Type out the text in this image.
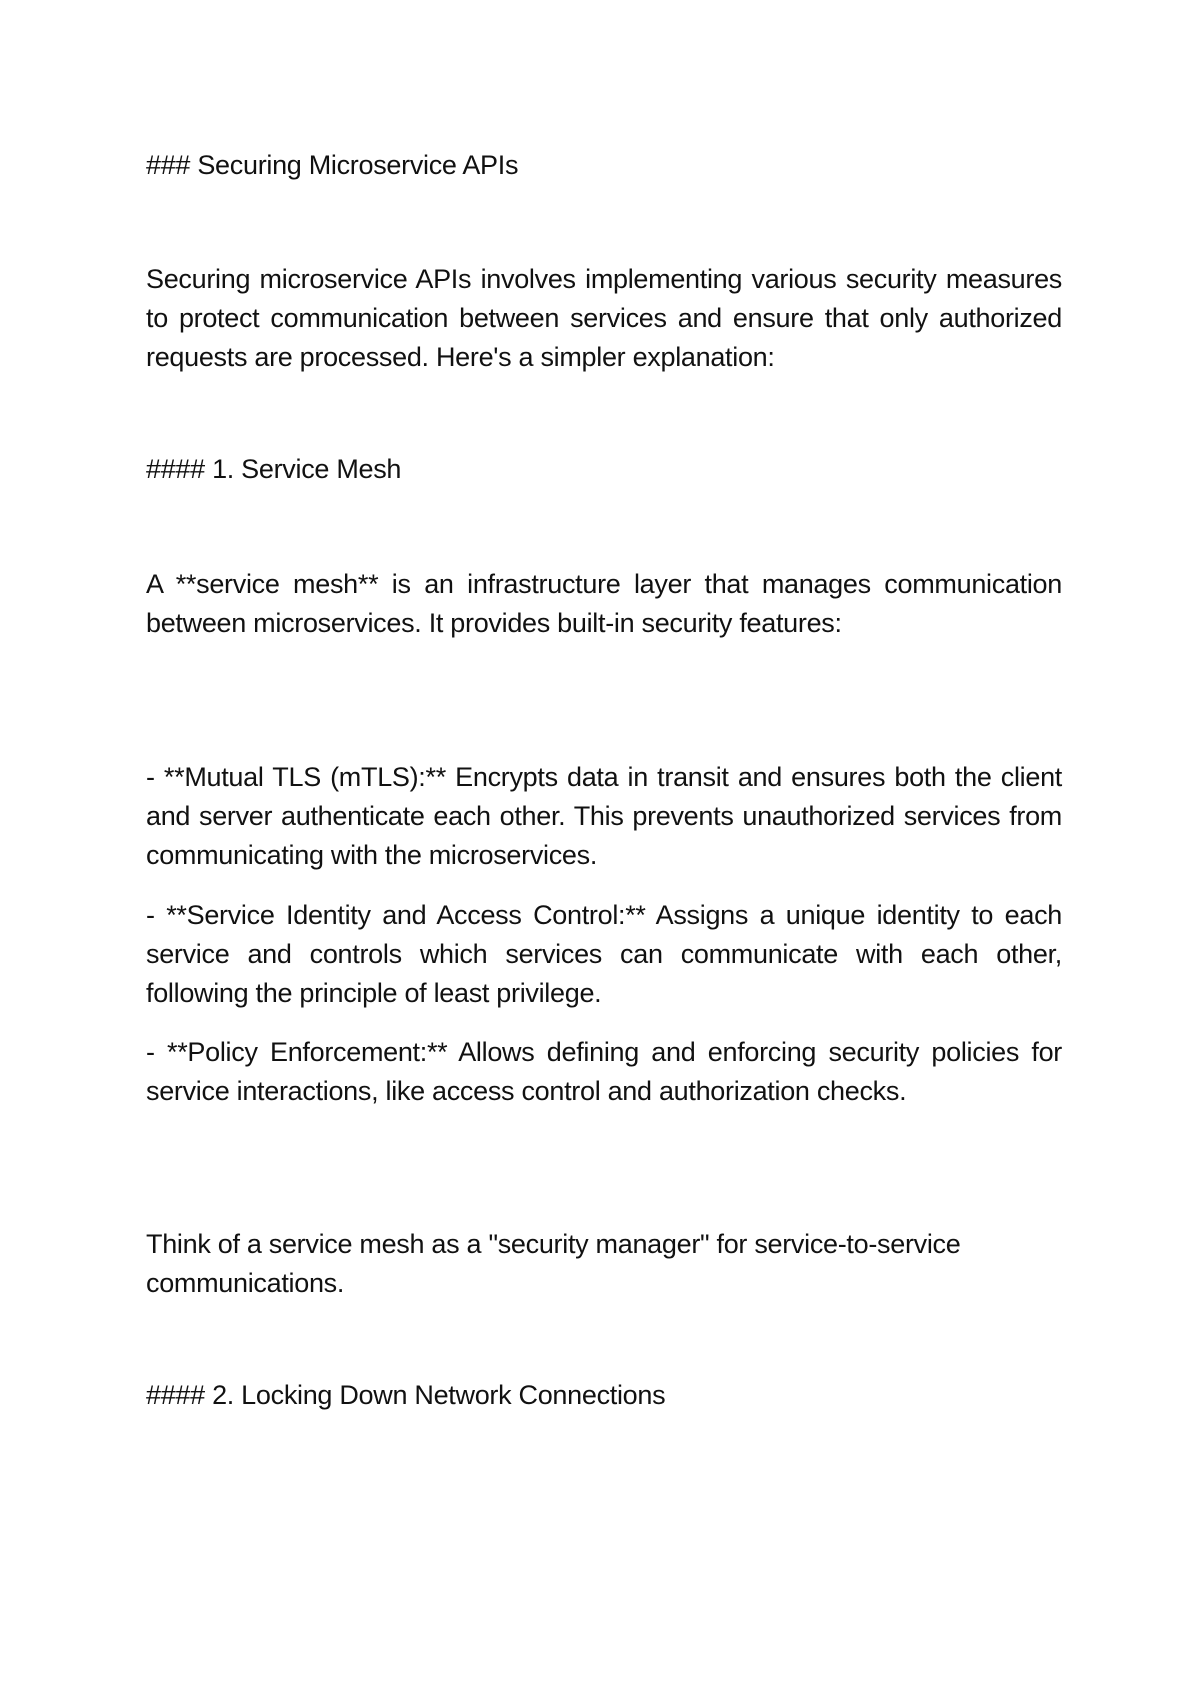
### Securing Microservice APIs

Securing microservice APIs involves implementing various security measures to protect communication between services and ensure that only authorized requests are processed. Here's a simpler explanation:

#### 1. Service Mesh

A **service mesh** is an infrastructure layer that manages communication between microservices. It provides built-in security features:

- **Mutual TLS (mTLS):** Encrypts data in transit and ensures both the client and server authenticate each other. This prevents unauthorized services from communicating with the microservices.

- **Service Identity and Access Control:** Assigns a unique identity to each service and controls which services can communicate with each other, following the principle of least privilege.

- **Policy Enforcement:** Allows defining and enforcing security policies for service interactions, like access control and authorization checks.

Think of a service mesh as a "security manager" for service-to-service communications.

#### 2. Locking Down Network Connections
